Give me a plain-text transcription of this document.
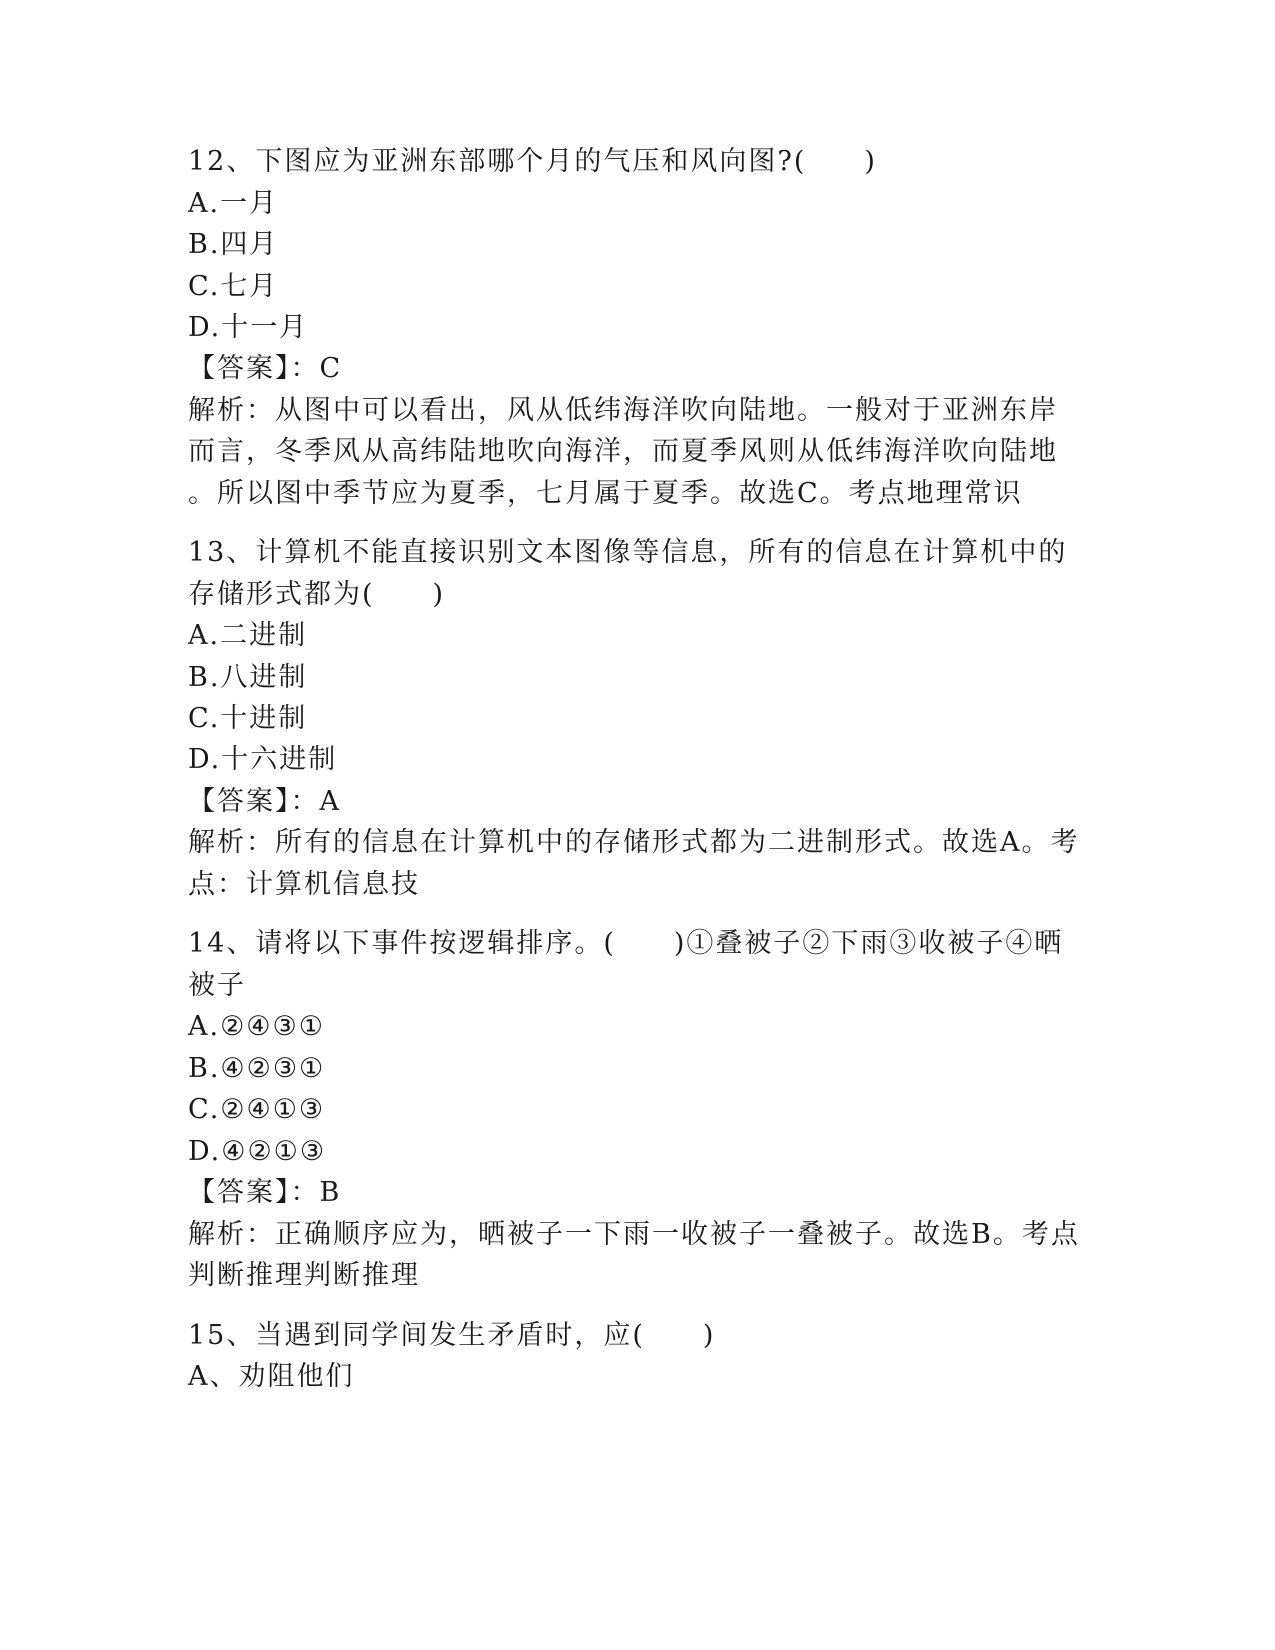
12、下图应为亚洲东部哪个月的气压和风向图?(　　)
A.一月
B.四月
C.七月
D.十一月
【答案】：C
解析：从图中可以看出，风从低纬海洋吹向陆地。一般对于亚洲东岸
而言，冬季风从高纬陆地吹向海洋，而夏季风则从低纬海洋吹向陆地
。所以图中季节应为夏季，七月属于夏季。故选C。考点地理常识
13、计算机不能直接识别文本图像等信息，所有的信息在计算机中的
存储形式都为(　　)
A.二进制
B.八进制
C.十进制
D.十六进制
【答案】：A
解析：所有的信息在计算机中的存储形式都为二进制形式。故选A。考
点：计算机信息技
14、请将以下事件按逻辑排序。(　　)①叠被子②下雨③收被子④晒
被子
A.②④③①
B.④②③①
C.②④①③
D.④②①③
【答案】：B
解析：正确顺序应为，晒被子一下雨一收被子一叠被子。故选B。考点
判断推理判断推理
15、当遇到同学间发生矛盾时，应(　　)
A、劝阻他们
